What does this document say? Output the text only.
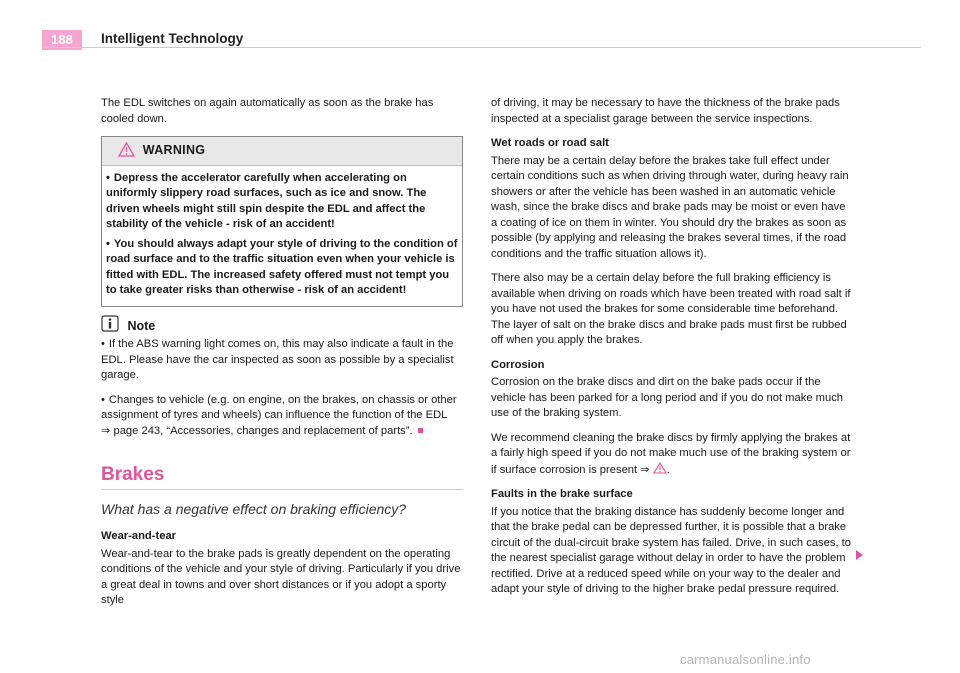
188	Intelligent Technology

The EDL switches on again automatically as soon as the brake has cooled down.

WARNING

• Depress the accelerator carefully when accelerating on uniformly slippery road surfaces, such as ice and snow. The driven wheels might still spin despite the EDL and affect the stability of the vehicle - risk of an accident!

• You should always adapt your style of driving to the condition of road surface and to the traffic situation even when your vehicle is fitted with EDL. The increased safety offered must not tempt you to take greater risks than otherwise - risk of an accident!

Note

• If the ABS warning light comes on, this may also indicate a fault in the EDL. Please have the car inspected as soon as possible by a specialist garage.

• Changes to vehicle (e.g. on engine, on the brakes, on chassis or other assignment of tyres and wheels) can influence the function of the EDL
⇒ page 243, “Accessories, changes and replacement of parts”.

Brakes
What has a negative effect on braking efficiency?
Wear-and-tear

Wear-and-tear to the brake pads is greatly dependent on the operating conditions of the vehicle and your style of driving. Particularly if you drive a great deal in towns and over short distances or if you adopt a sporty style

of driving, it may be necessary to have the thickness of the brake pads inspected at a specialist garage between the service inspections.

Wet roads or road salt

There may be a certain delay before the brakes take full effect under certain conditions such as when driving through water, during heavy rain showers or after the vehicle has been washed in an automatic vehicle wash, since the brake discs and brake pads may be moist or even have a coating of ice on them in winter. You should dry the brakes as soon as possible (by applying and releasing the brakes several times, if the road conditions and the traffic situation allows it).

There also may be a certain delay before the full braking efficiency is available when driving on roads which have been treated with road salt if you have not used the brakes for some considerable time beforehand. The layer of salt on the brake discs and brake pads must first be rubbed off when you apply the brakes.

Corrosion

Corrosion on the brake discs and dirt on the bake pads occur if the vehicle has been parked for a long period and if you do not make much use of the braking system.

We recommend cleaning the brake discs by firmly applying the brakes at a fairly high speed if you do not make much use of the braking system or if surface corrosion is present ⇒ .

Faults in the brake surface

If you notice that the braking distance has suddenly become longer and that the brake pedal can be depressed further, it is possible that a brake circuit of the dual-circuit brake system has failed. Drive, in such cases, to the nearest specialist garage without delay in order to have the problem rectified. Drive at a reduced speed while on your way to the dealer and adapt your style of driving to the higher brake pedal pressure required.

carmanualsonline.info
